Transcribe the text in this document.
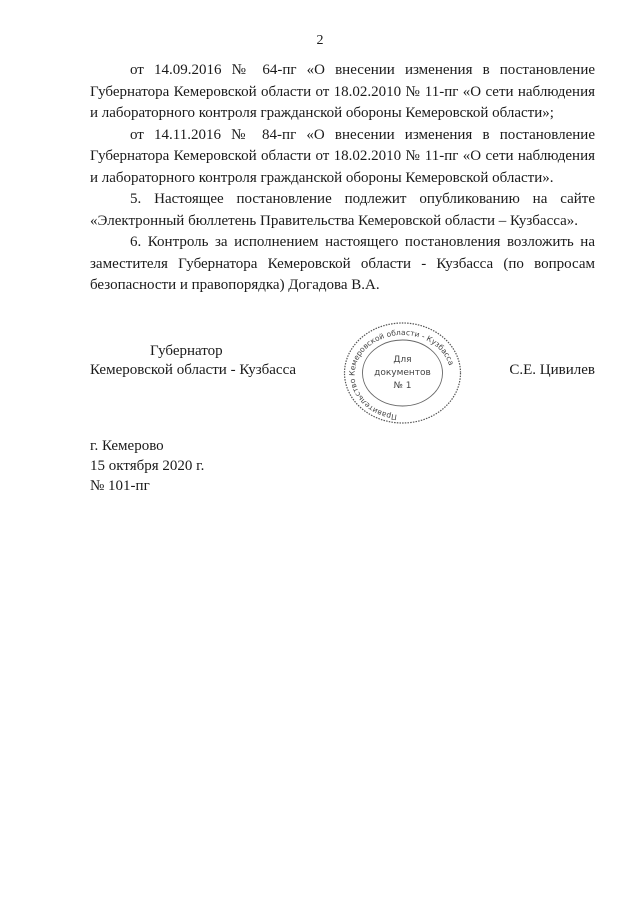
2

от 14.09.2016 № 64-пг «О внесении изменения в постановление Губернатора Кемеровской области от 18.02.2010 № 11-пг «О сети наблюдения и лабораторного контроля гражданской обороны Кемеровской области»;

от 14.11.2016 № 84-пг «О внесении изменения в постановление Губернатора Кемеровской области от 18.02.2010 № 11-пг «О сети наблюдения и лабораторного контроля гражданской обороны Кемеровской области».

5. Настоящее постановление подлежит опубликованию на сайте «Электронный бюллетень Правительства Кемеровской области – Кузбасса».

6. Контроль за исполнением настоящего постановления возложить на заместителя Губернатора Кемеровской области - Кузбасса (по вопросам безопасности и правопорядка) Догадова В.А.

Губернатор
Кемеровской области - Кузбасса	С.Е. Цивилев
Правительство Кемеровской области - Кузбасса
Для
документов
№ 1
г. Кемерово
15 октября 2020 г.
№ 101-пг
